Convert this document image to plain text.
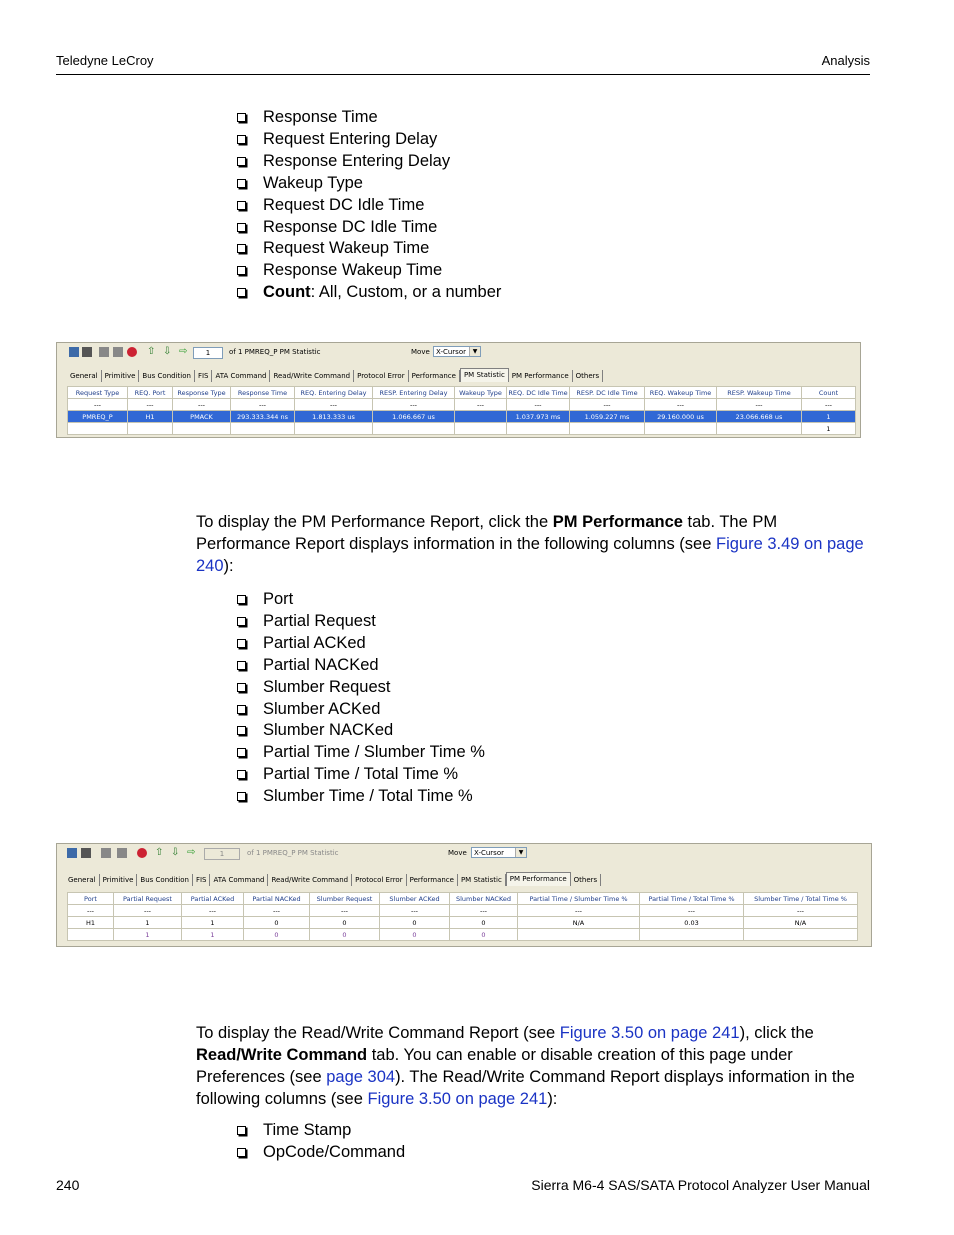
Teledyne LeCroy	Analysis
Response Time
Request Entering Delay
Response Entering Delay
Wakeup Type
Request DC Idle Time
Response DC Idle Time
Request Wakeup Time
Response Wakeup Time
Count: All, Custom, or a number
⇧ ⇩ ⇨	1	of 1 PMREQ_P PM Statistic	Move X-Cursor	▼
General	Primitive	Bus Condition	FIS	ATA Command	Read/Write Command	Protocol Error	Performance	PM Statistic	PM Performance	Others
Request Type	REQ. Port	Response Type	Response Time	REQ. Entering Delay	RESP. Entering Delay	Wakeup Type	REQ. DC Idle Time	RESP. DC Idle Time	REQ. Wakeup Time	RESP. Wakeup Time	Count
---	---	---	---	---	---	---	---	---	---	---	---
PMREQ_P	H1	PMACK	293.333.344 ns	1.813.333 us	1.066.667 us		1.037.973 ms	1.059.227 ms	29.160.000 us	23.066.668 us	1
											1

To display the PM Performance Report, click the PM Performance tab. The PM Performance Report displays information in the following columns (see Figure 3.49 on page 240):

Port
Partial Request
Partial ACKed
Partial NACKed
Slumber Request
Slumber ACKed
Slumber NACKed
Partial Time / Slumber Time %
Partial Time / Total Time %
Slumber Time / Total Time %
⇧ ⇩ ⇨	1	of 1 PMREQ_P PM Statistic	Move	X-Cursor	▼
General	Primitive	Bus Condition	FIS	ATA Command	Read/Write Command	Protocol Error	Performance	PM Statistic	PM Performance	Others
Port	Partial Request	Partial ACKed	Partial NACKed	Slumber Request	Slumber ACKed	Slumber NACKed	Partial Time / Slumber Time %	Partial Time / Total Time %	Slumber Time / Total Time %
---	---	---	---	---	---	---	---	---	---
H1	1	1	0	0	0	0	N/A	0.03	N/A
	1	1	0	0	0	0			

To display the Read/Write Command Report (see Figure 3.50 on page 241), click the Read/Write Command tab. You can enable or disable creation of this page under Preferences (see page 304). The Read/Write Command Report displays information in the following columns (see Figure 3.50 on page 241):

Time Stamp
OpCode/Command
240	Sierra M6-4 SAS/SATA Protocol Analyzer User Manual
